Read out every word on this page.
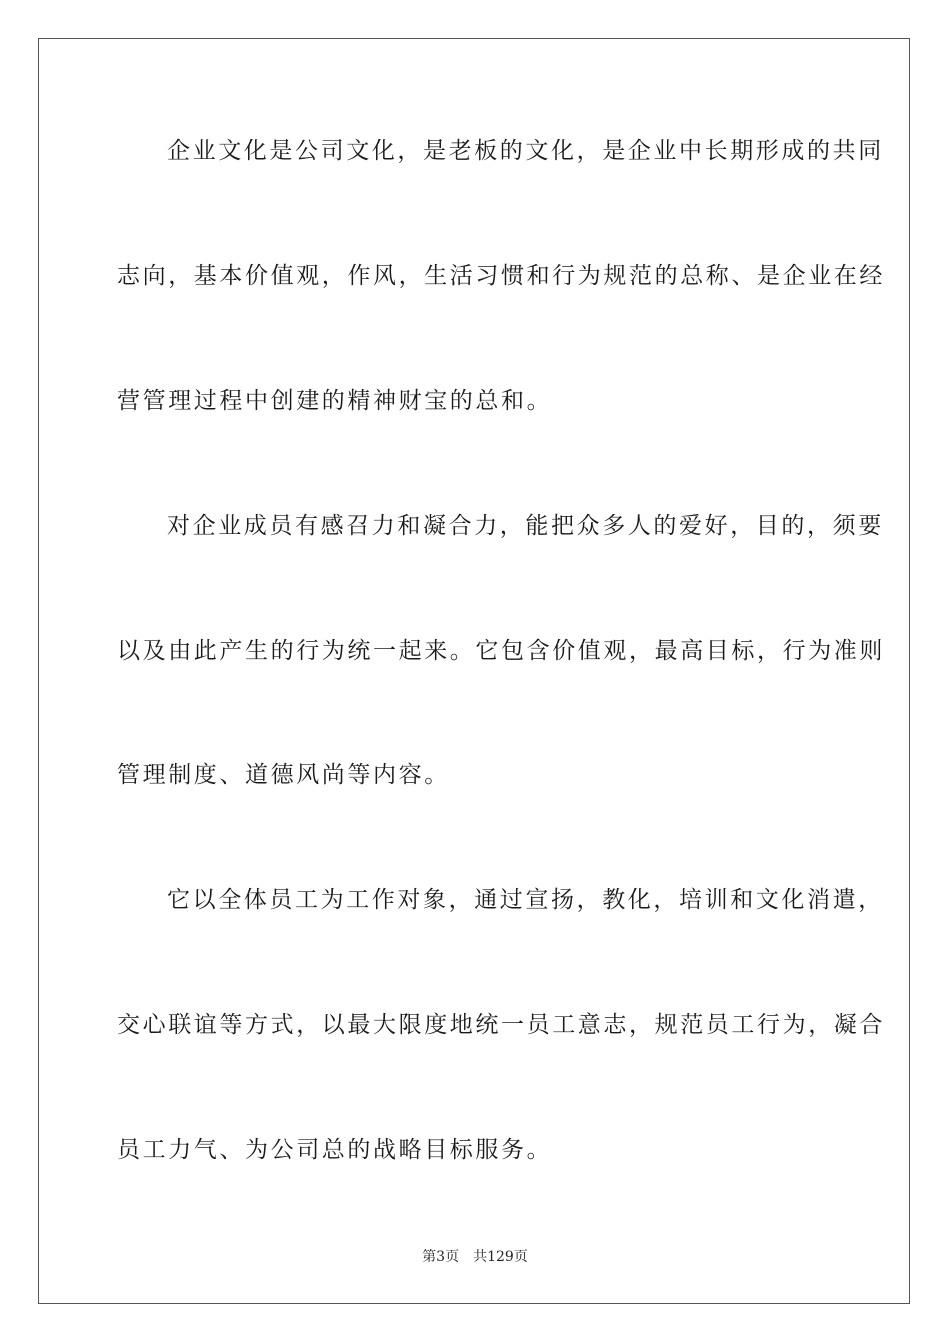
企业文化是公司文化，是老板的文化，是企业中长期形成的共同
志向，基本价值观，作风，生活习惯和行为规范的总称、是企业在经
营管理过程中创建的精神财宝的总和。
对企业成员有感召力和凝合力，能把众多人的爱好，目的，须要
以及由此产生的行为统一起来。它包含价值观，最高目标，行为准则
管理制度、道德风尚等内容。
它以全体员工为工作对象，通过宣扬，教化，培训和文化消遣，
交心联谊等方式，以最大限度地统一员工意志，规范员工行为，凝合
员工力气、为公司总的战略目标服务。
第3页 共129页
